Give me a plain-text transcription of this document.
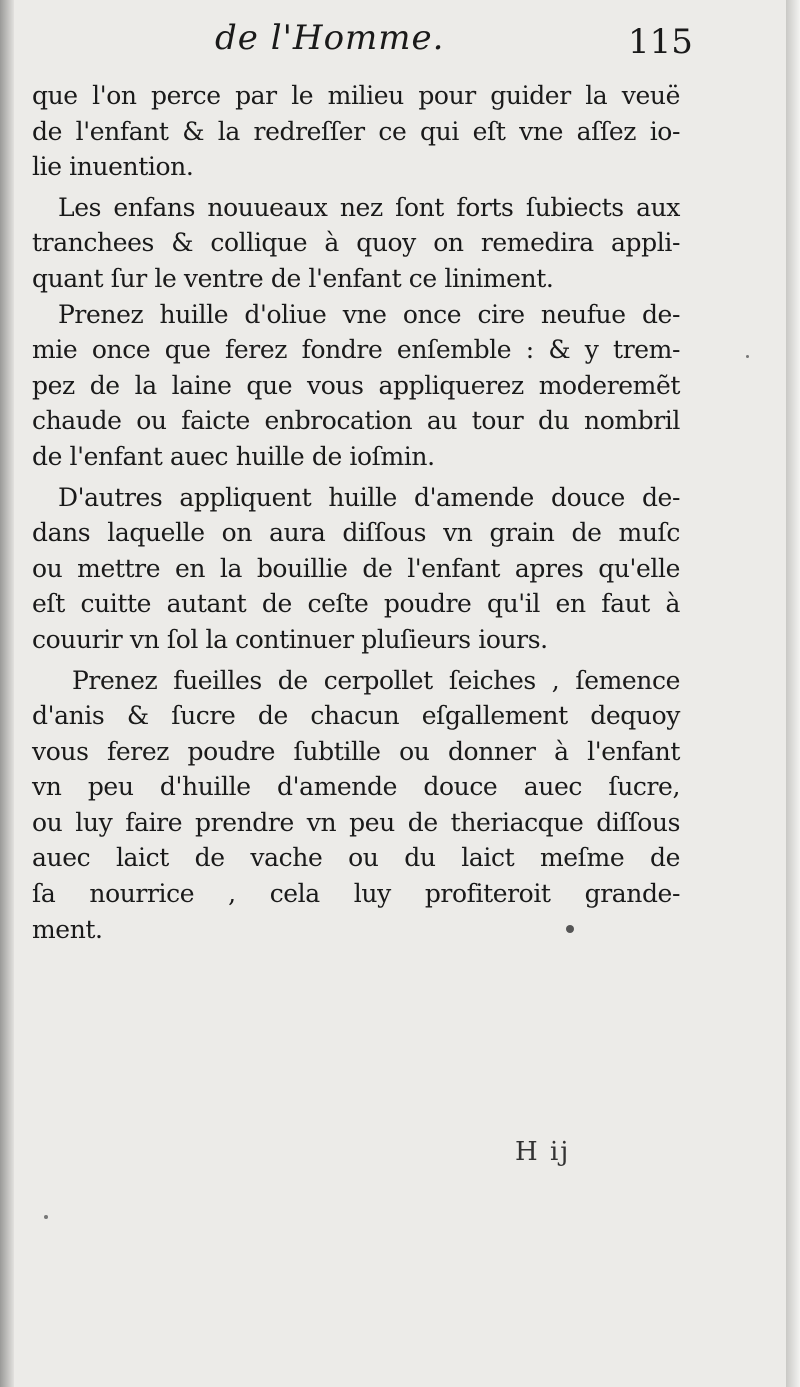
de l'Homme.	115
que l'on perce par le milieu pour guider la veuë
de l'enfant & la redreſſer ce qui eſt vne aſſez io-
lie inuention.
Les enfans nouueaux nez ſont forts ſubiects aux
tranchees & collique à quoy on remedira appli-
quant ſur le ventre de l'enfant ce liniment.
Prenez huille d'oliue vne once cire neufue de-
mie once que ferez fondre enſemble : & y trem-
pez de la laine que vous appliquerez moderemẽt
chaude ou faicte enbrocation au tour du nombril
de l'enfant auec huille de ioſmin.
D'autres appliquent huille d'amende douce de-
dans laquelle on aura diſſous vn grain de muſc
ou mettre en la bouillie de l'enfant apres qu'elle
eſt cuitte autant de ceſte poudre qu'il en faut à
couurir vn ſol la continuer pluſieurs iours.
Prenez fueilles de cerpollet ſeiches , ſemence
d'anis & ſucre de chacun eſgallement dequoy
vous ferez poudre ſubtille ou donner à l'enfant
vn peu d'huille d'amende douce auec ſucre,
ou luy faire prendre vn peu de theriacque diſſous
auec laict de vache ou du laict meſme de
ſa nourrice , cela luy profiteroit grande-
ment.
H ij
